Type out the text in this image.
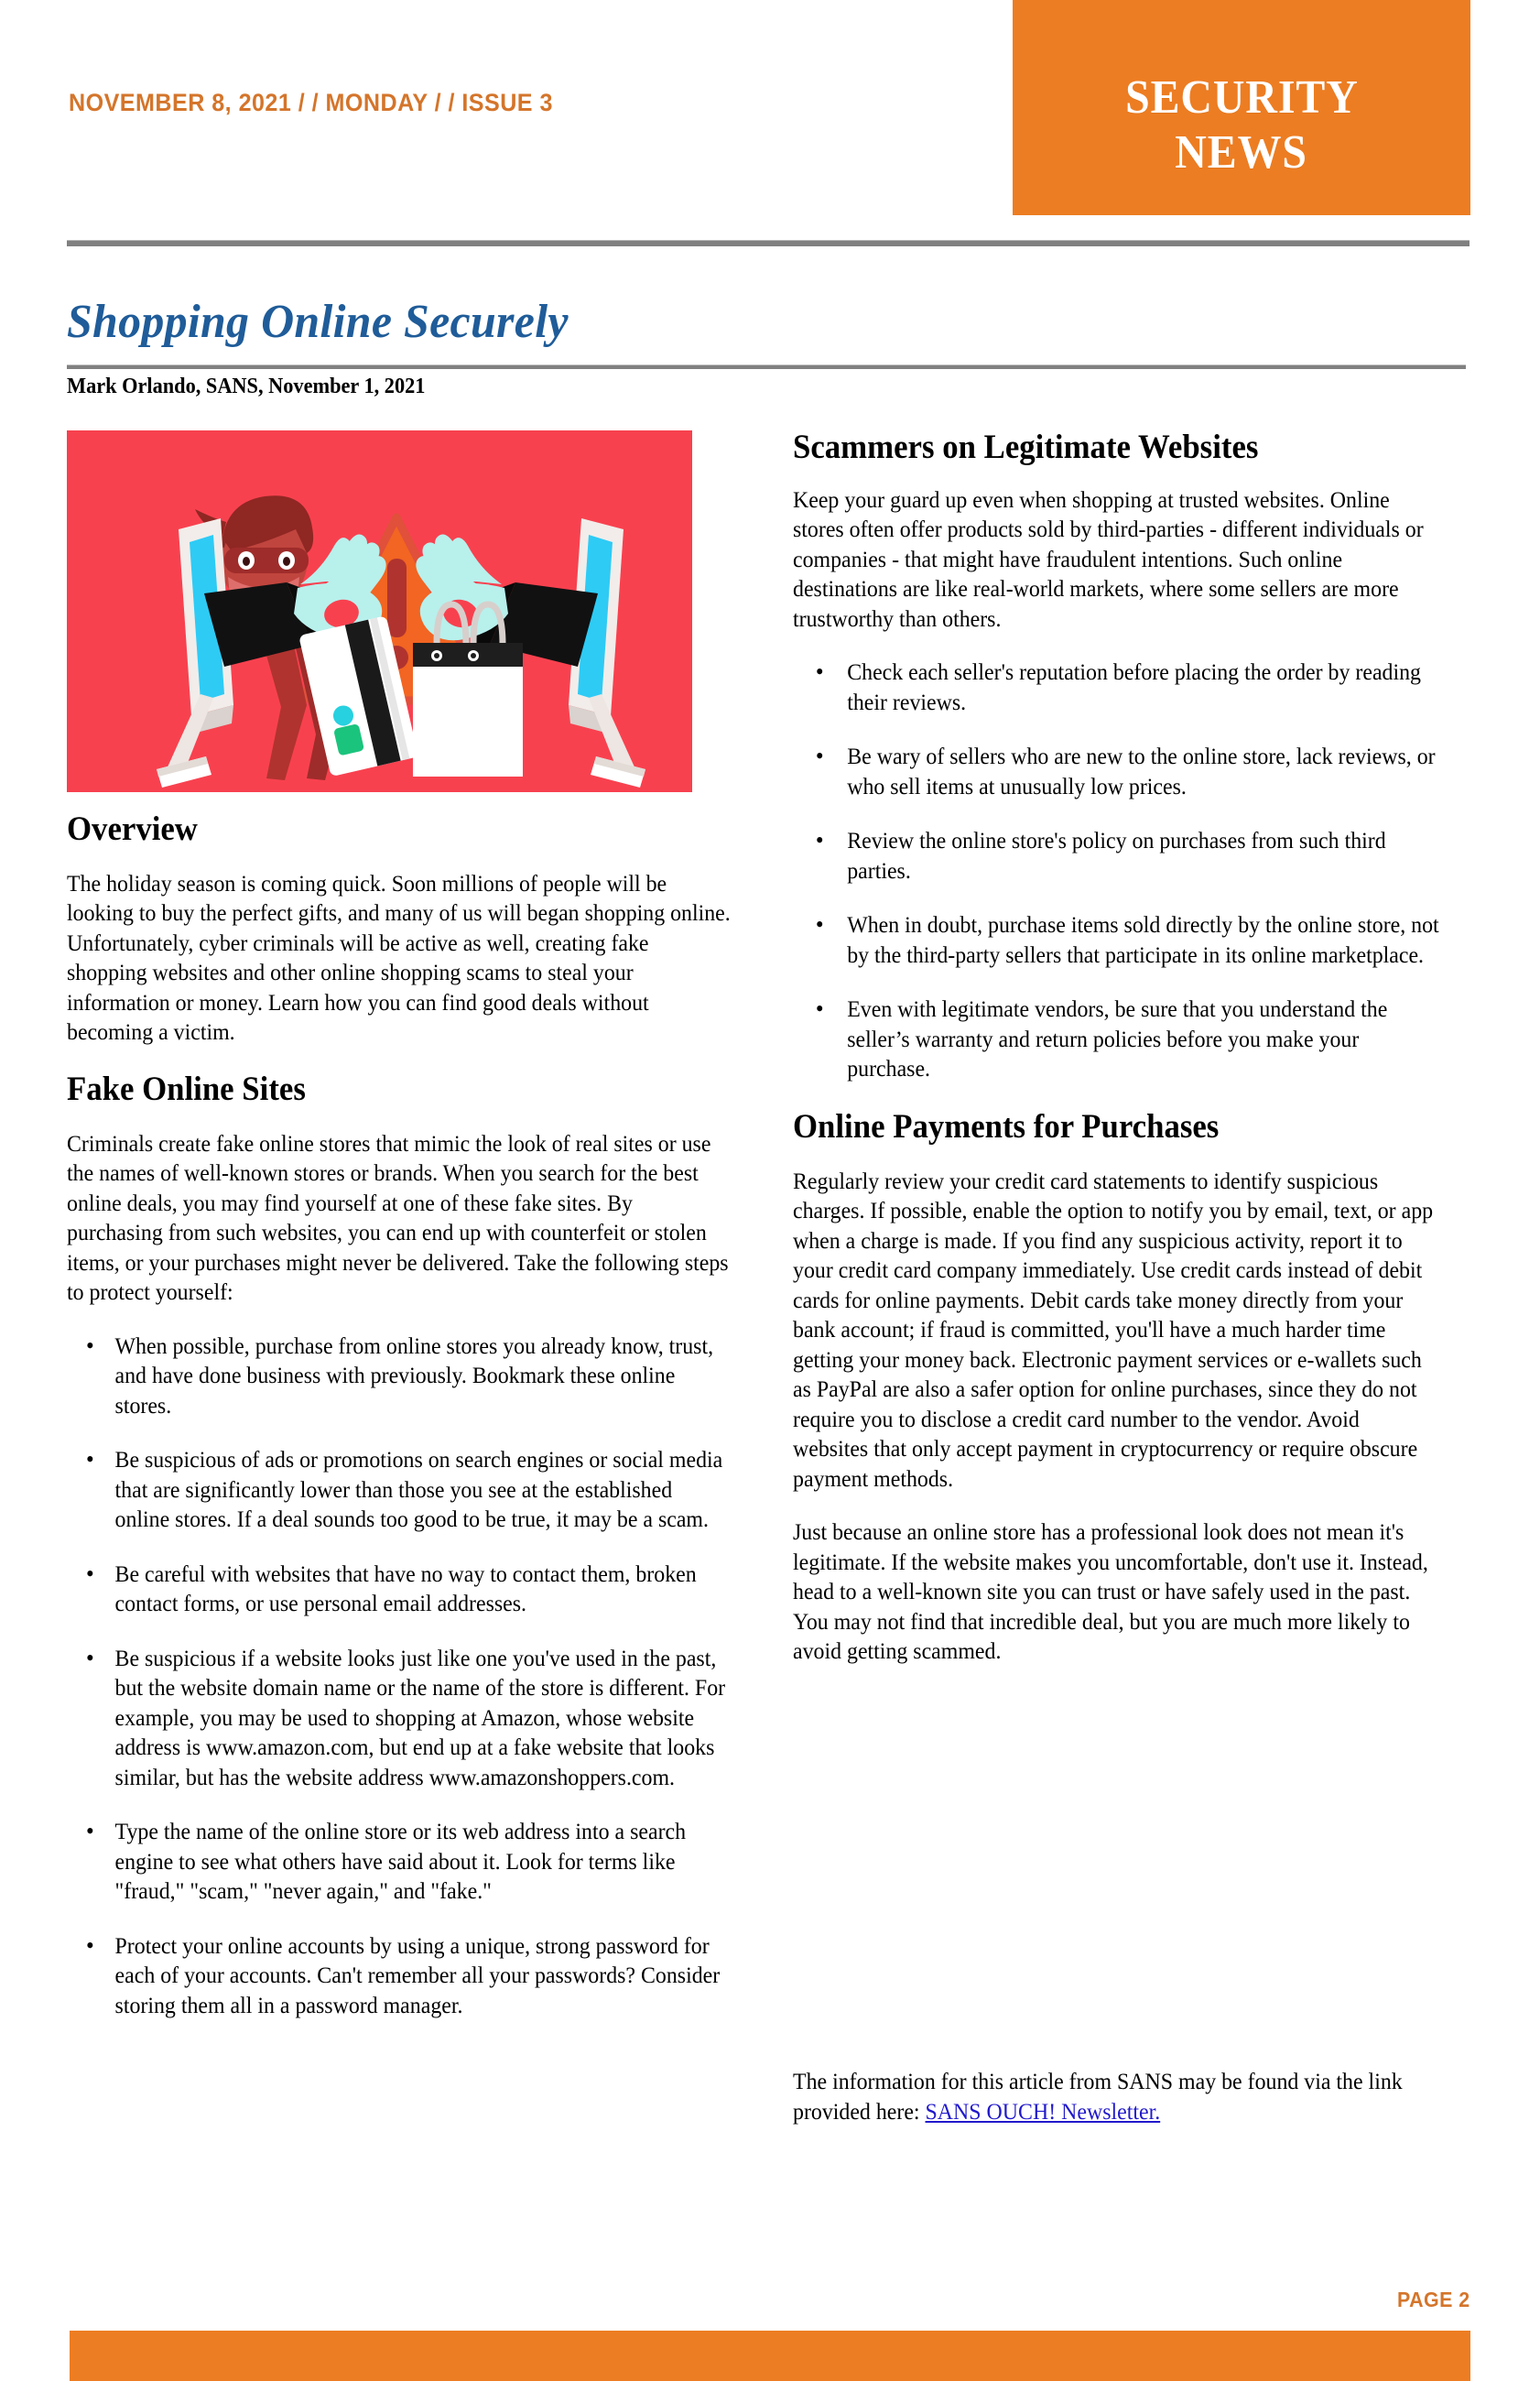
NOVEMBER 8, 2021 / / MONDAY / / ISSUE 3	SECURITY
NEWS
Shopping Online Securely
Mark Orlando, SANS, November 1, 2021
Overview

The holiday season is coming quick. Soon millions of people will be looking to buy the perfect gifts, and many of us will began shopping online. Unfortunately, cyber criminals will be active as well, creating fake shopping websites and other online shopping scams to steal your information or money. Learn how you can find good deals without becoming a victim.

Fake Online Sites

Criminals create fake online stores that mimic the look of real sites or use the names of well-known stores or brands. When you search for the best online deals, you may find yourself at one of these fake sites. By purchasing from such websites, you can end up with counterfeit or stolen items, or your purchases might never be delivered. Take the following steps to protect yourself:

• When possible, purchase from online stores you already know, trust, and have done business with previously. Bookmark these online stores.
• Be suspicious of ads or promotions on search engines or social media that are significantly lower than those you see at the established online stores. If a deal sounds too good to be true, it may be a scam.
• Be careful with websites that have no way to contact them, broken contact forms, or use personal email addresses.
• Be suspicious if a website looks just like one you've used in the past, but the website domain name or the name of the store is different. For example, you may be used to shopping at Amazon, whose website address is www.amazon.com, but end up at a fake website that looks similar, but has the website address www.amazonshoppers.com.
• Type the name of the online store or its web address into a search engine to see what others have said about it. Look for terms like "fraud," "scam," "never again," and "fake."
• Protect your online accounts by using a unique, strong password for each of your accounts. Can't remember all your passwords? Consider storing them all in a password manager.
Scammers on Legitimate Websites

Keep your guard up even when shopping at trusted websites. Online stores often offer products sold by third-parties - different individuals or companies - that might have fraudulent intentions. Such online destinations are like real-world markets, where some sellers are more trustworthy than others.

• Check each seller's reputation before placing the order by reading their reviews.
• Be wary of sellers who are new to the online store, lack reviews, or who sell items at unusually low prices.
• Review the online store's policy on purchases from such third parties.
• When in doubt, purchase items sold directly by the online store, not by the third-party sellers that participate in its online marketplace.
• Even with legitimate vendors, be sure that you understand the seller’s warranty and return policies before you make your purchase.
Online Payments for Purchases

Regularly review your credit card statements to identify suspicious charges. If possible, enable the option to notify you by email, text, or app when a charge is made. If you find any suspicious activity, report it to your credit card company immediately. Use credit cards instead of debit cards for online payments. Debit cards take money directly from your bank account; if fraud is committed, you'll have a much harder time getting your money back. Electronic payment services or e-wallets such as PayPal are also a safer option for online purchases, since they do not require you to disclose a credit card number to the vendor. Avoid websites that only accept payment in cryptocurrency or require obscure payment methods.

Just because an online store has a professional look does not mean it's legitimate. If the website makes you uncomfortable, don't use it. Instead, head to a well-known site you can trust or have safely used in the past. You may not find that incredible deal, but you are much more likely to avoid getting scammed.

The information for this article from SANS may be found via the link provided here: SANS OUCH! Newsletter.
PAGE 2
